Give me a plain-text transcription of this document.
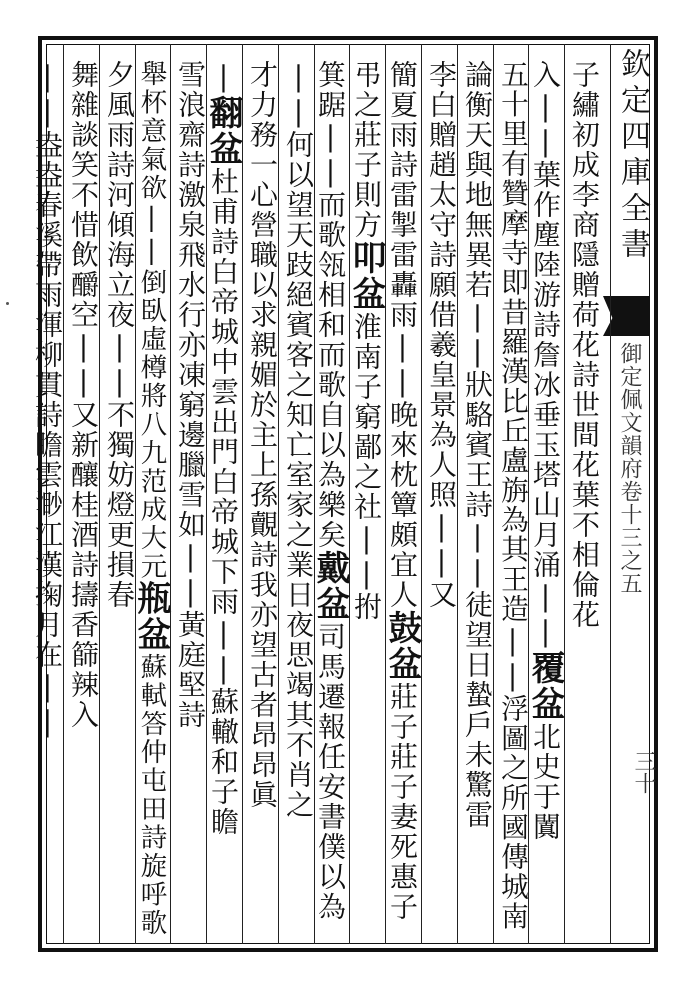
欽定四庫全書
御定佩文韻府卷十三之五
三十
子繡初成李商隱贈荷花詩世間花葉不相倫花
入||葉作塵陸游詩詹冰垂玉塔山月涌||覆盆北史于闐
五十里有贊摩寺即昔羅漢比丘盧旃為其王造||浮圖之所國傳城南
論衡天與地無異若||狀駱賓王詩||徒望日蟄戶未驚雷
李白贈趙太守詩願借羲皇景為人照||又
簡夏雨詩雷掣雷轟雨||晚來枕簟頗宜人鼓盆莊子莊子妻死惠子
弔之莊子則方叩盆淮南子窮鄙之社||拊
箕踞||而歌瓴相和而歌自以為樂矣戴盆司馬遷報任安書僕以為
||何以望天跂絕賓客之知亡室家之業日夜思竭其不肖之
才力務一心營職以求親媚於主上孫覿詩我亦望古者昂昂眞
|翻盆杜甫詩白帝城中雲出門白帝城下雨||蘇轍和子瞻
雪浪齋詩激泉飛水行亦凍窮邊臘雪如||黃庭堅詩
舉杯意氣欲||倒臥虛樽將八九范成大元瓶盆蘇軾答仲屯田詩旋呼歌
夕風雨詩河傾海立夜||不獨妨燈更損春
舞雜談笑不惜飲釂空||又新釀桂酒詩擣香篩辣入
||盎盎春溪帶雨渾柳貫詩瞻雲渺江漢掬月在||
